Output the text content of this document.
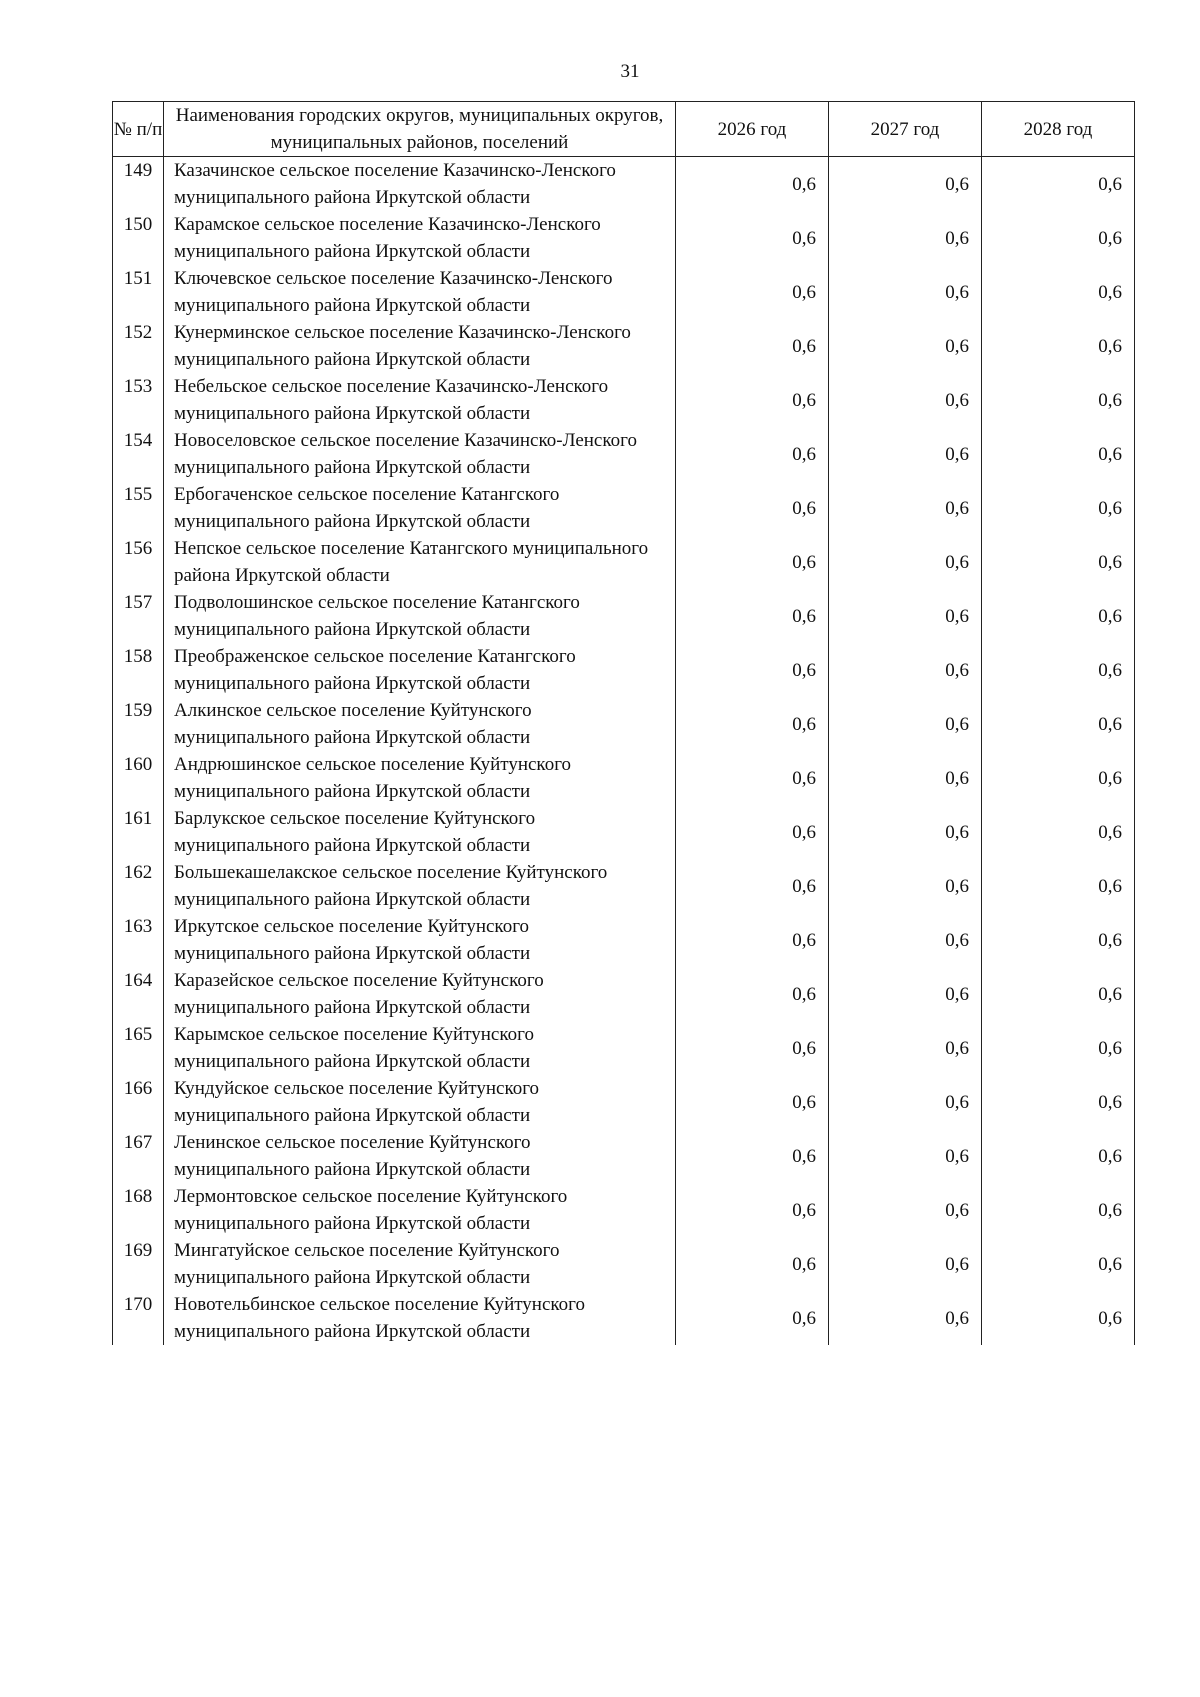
31
№ п/п	Наименования городских округов, муниципальных округов, муниципальных районов, поселений	2026 год	2027 год	2028 год
149	Казачинское сельское поселение Казачинско-Ленского муниципального района Иркутской области	0,6	0,6	0,6
150	Карамское сельское поселение Казачинско-Ленского муниципального района Иркутской области	0,6	0,6	0,6
151	Ключевское сельское поселение Казачинско-Ленского муниципального района Иркутской области	0,6	0,6	0,6
152	Кунерминское сельское поселение Казачинско-Ленского муниципального района Иркутской области	0,6	0,6	0,6
153	Небельское сельское поселение Казачинско-Ленского муниципального района Иркутской области	0,6	0,6	0,6
154	Новоселовское сельское поселение Казачинско-Ленского муниципального района Иркутской области	0,6	0,6	0,6
155	Ербогаченское сельское поселение Катангского муниципального района Иркутской области	0,6	0,6	0,6
156	Непское сельское поселение Катангского муниципального района Иркутской области	0,6	0,6	0,6
157	Подволошинское сельское поселение Катангского муниципального района Иркутской области	0,6	0,6	0,6
158	Преображенское сельское поселение Катангского муниципального района Иркутской области	0,6	0,6	0,6
159	Алкинское сельское поселение Куйтунского муниципального района Иркутской области	0,6	0,6	0,6
160	Андрюшинское сельское поселение Куйтунского муниципального района Иркутской области	0,6	0,6	0,6
161	Барлукское сельское поселение Куйтунского муниципального района Иркутской области	0,6	0,6	0,6
162	Большекашелакское сельское поселение Куйтунского муниципального района Иркутской области	0,6	0,6	0,6
163	Иркутское сельское поселение Куйтунского муниципального района Иркутской области	0,6	0,6	0,6
164	Каразейское сельское поселение Куйтунского муниципального района Иркутской области	0,6	0,6	0,6
165	Карымское сельское поселение Куйтунского муниципального района Иркутской области	0,6	0,6	0,6
166	Кундуйское сельское поселение Куйтунского муниципального района Иркутской области	0,6	0,6	0,6
167	Ленинское сельское поселение Куйтунского муниципального района Иркутской области	0,6	0,6	0,6
168	Лермонтовское сельское поселение Куйтунского муниципального района Иркутской области	0,6	0,6	0,6
169	Мингатуйское сельское поселение Куйтунского муниципального района Иркутской области	0,6	0,6	0,6
170	Новотельбинское сельское поселение Куйтунского муниципального района Иркутской области	0,6	0,6	0,6
